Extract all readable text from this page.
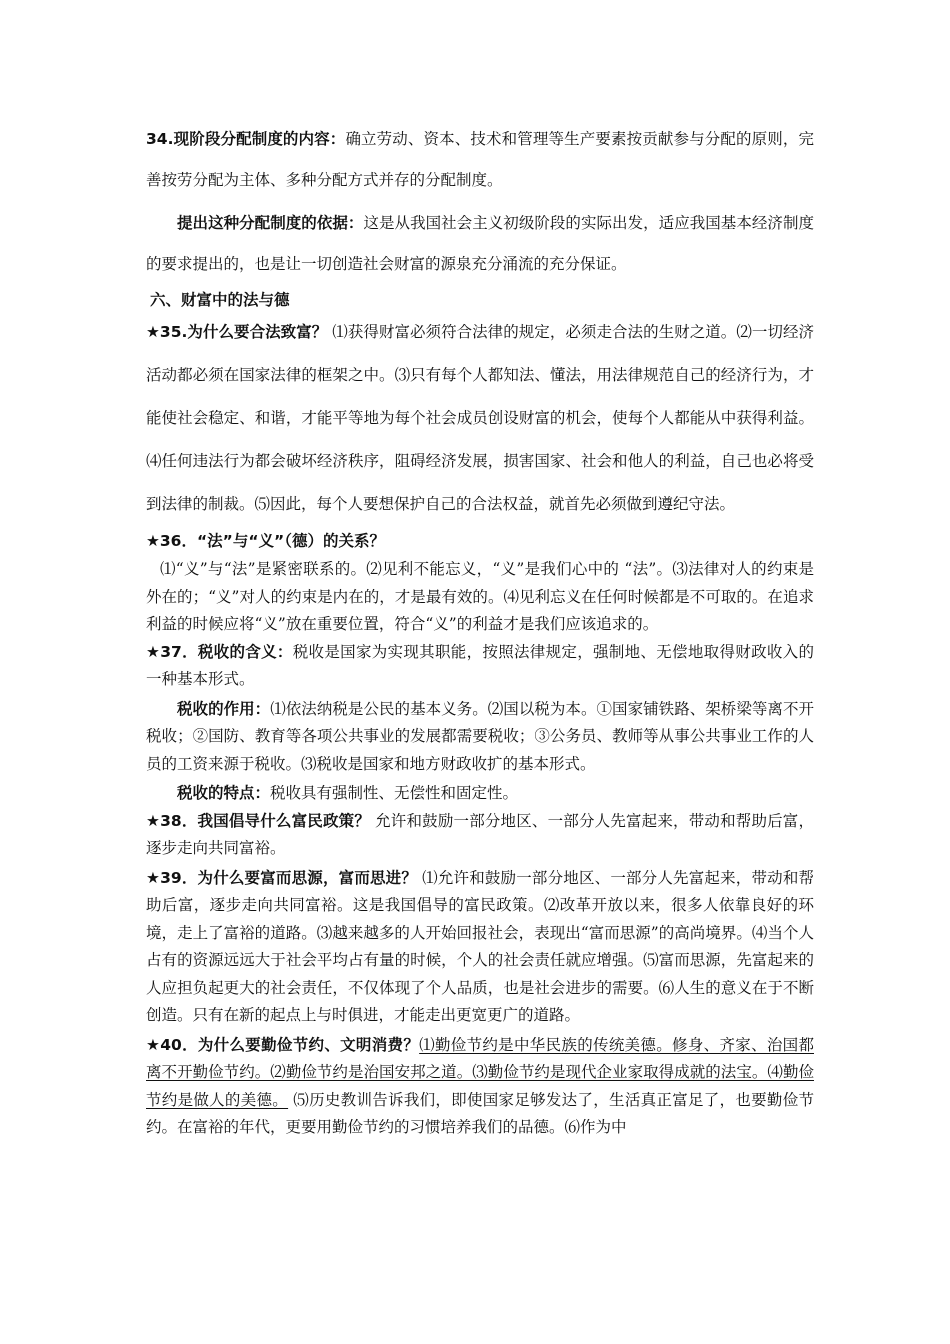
34.现阶段分配制度的内容：确立劳动、资本、技术和管理等生产要素按贡献参与分配的原则，完善按劳分配为主体、多种分配方式并存的分配制度。

提出这种分配制度的依据：这是从我国社会主义初级阶段的实际出发，适应我国基本经济制度的要求提出的，也是让一切创造社会财富的源泉充分涌流的充分保证。

六、财富中的法与德

★35.为什么要合法致富？ ⑴获得财富必须符合法律的规定，必须走合法的生财之道。⑵一切经济活动都必须在国家法律的框架之中。⑶只有每个人都知法、懂法，用法律规范自己的经济行为，才能使社会稳定、和谐，才能平等地为每个社会成员创设财富的机会，使每个人都能从中获得利益。⑷任何违法行为都会破坏经济秩序，阻碍经济发展，损害国家、社会和他人的利益，自己也必将受到法律的制裁。⑸因此，每个人要想保护自己的合法权益，就首先必须做到遵纪守法。

★36．“法”与“义”（德）的关系？

⑴“义”与“法”是紧密联系的。⑵见利不能忘义，“义”是我们心中的 “法”。⑶法律对人的约束是外在的；“义”对人的约束是内在的，才是最有效的。⑷见利忘义在任何时候都是不可取的。在追求利益的时候应将“义”放在重要位置，符合“义”的利益才是我们应该追求的。

★37．税收的含义：税收是国家为实现其职能，按照法律规定，强制地、无偿地取得财政收入的一种基本形式。

税收的作用：⑴依法纳税是公民的基本义务。⑵国以税为本。①国家铺铁路、架桥梁等离不开税收；②国防、教育等各项公共事业的发展都需要税收；③公务员、教师等从事公共事业工作的人员的工资来源于税收。⑶税收是国家和地方财政收扩的基本形式。

税收的特点：税收具有强制性、无偿性和固定性。

★38．我国倡导什么富民政策？ 允许和鼓励一部分地区、一部分人先富起来，带动和帮助后富，逐步走向共同富裕。

★39．为什么要富而思源，富而思进？ ⑴允许和鼓励一部分地区、一部分人先富起来，带动和帮助后富，逐步走向共同富裕。这是我国倡导的富民政策。⑵改革开放以来，很多人依靠良好的环境，走上了富裕的道路。⑶越来越多的人开始回报社会，表现出“富而思源”的高尚境界。⑷当个人占有的资源远远大于社会平均占有量的时候，个人的社会责任就应增强。⑸富而思源，先富起来的人应担负起更大的社会责任，不仅体现了个人品质，也是社会进步的需要。⑹人生的意义在于不断创造。只有在新的起点上与时俱进，才能走出更宽更广的道路。

★40．为什么要勤俭节约、文明消费？⑴勤俭节约是中华民族的传统美德。修身、齐家、治国都离不开勤俭节约。⑵勤俭节约是治国安邦之道。⑶勤俭节约是现代企业家取得成就的法宝。⑷勤俭节约是做人的美德。 ⑸历史教训告诉我们，即使国家足够发达了，生活真正富足了，也要勤俭节约。在富裕的年代，更要用勤俭节约的习惯培养我们的品德。⑹作为中
